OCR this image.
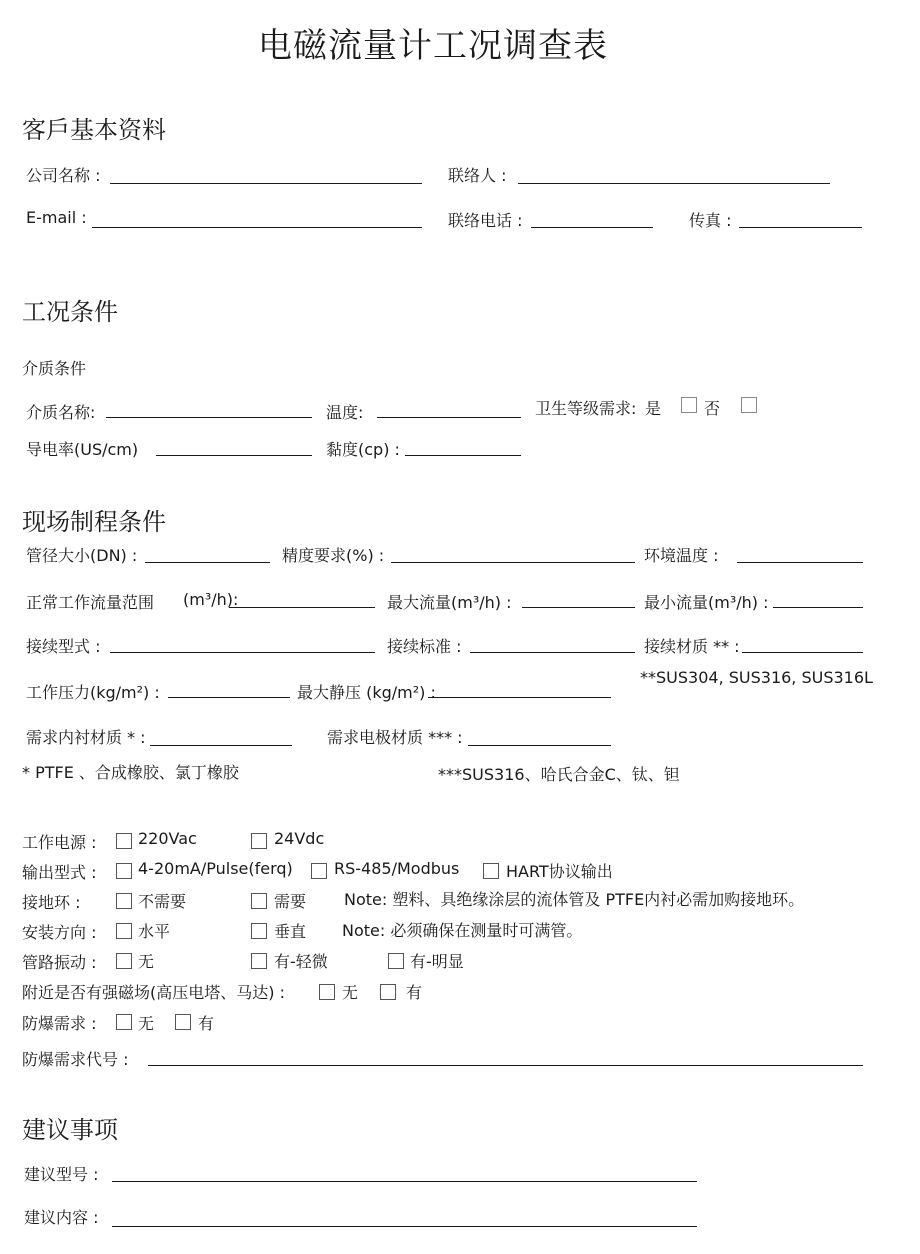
电磁流量计工况调查表
客戶基本资料
公司名称 :	联络人 :
E-mail :	联络电话 :	传真 :
工况条件
介质条件
介质名称:	温度:	卫生等级需求: 是	否
导电率(US/cm)	黏度(cp) :
现场制程条件
管径大小(DN) :	精度要求(%) :	环境温度 :
正常工作流量范围 (m³/h):	最大流量(m³/h) :	最小流量(m³/h) :
接续型式 :	接续标准 :	接续材质 ** :
**SUS304, SUS316, SUS316L
工作压力(kg/m²) :	最大静压 (kg/m²) :
需求内衬材质 * :	需求电极材质 *** :
* PTFE 、合成橡胶、氯丁橡胶	***SUS316、哈氏合金C、钛、钽
工作电源 :	220Vac	24Vdc
输出型式 :	4-20mA/Pulse(ferq)	RS-485/Modbus	HART协议输出
接地环 :	不需要	需要 Note: 塑料、具绝缘涂层的流体管及 PTFE内衬必需加购接地环。
安装方向 :	水平	垂直 Note: 必须确保在测量时可满管。
管路振动 :	无	有-轻微	有-明显
附近是否有强磁场(高压电塔、马达) :	无	有
防爆需求 :	无	有
防爆需求代号 :
建议事项
建议型号 :
建议内容 :
